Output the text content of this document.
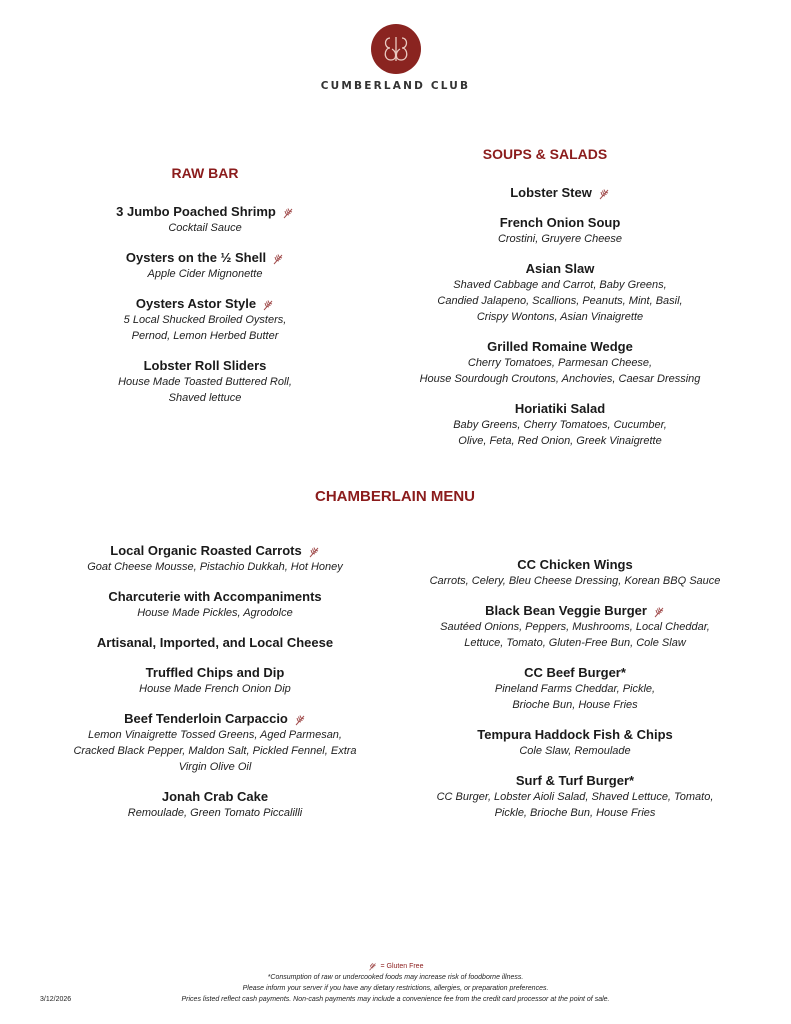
CUMBERLAND CLUB
RAW BAR
3 Jumbo Poached Shrimp
Cocktail Sauce
Oysters on the ½ Shell
Apple Cider Mignonette
Oysters Astor Style
5 Local Shucked Broiled Oysters,
Pernod, Lemon Herbed Butter
Lobster Roll Sliders
House Made Toasted Buttered Roll,
Shaved lettuce
SOUPS & SALADS
Lobster Stew
French Onion Soup
Crostini, Gruyere Cheese
Asian Slaw
Shaved Cabbage and Carrot, Baby Greens,
Candied Jalapeno, Scallions, Peanuts, Mint, Basil,
Crispy Wontons, Asian Vinaigrette
Grilled Romaine Wedge
Cherry Tomatoes, Parmesan Cheese,
House Sourdough Croutons, Anchovies, Caesar Dressing
Horiatiki Salad
Baby Greens, Cherry Tomatoes, Cucumber,
Olive, Feta, Red Onion, Greek Vinaigrette
CHAMBERLAIN MENU
Local Organic Roasted Carrots
Goat Cheese Mousse, Pistachio Dukkah, Hot Honey
Charcuterie with Accompaniments
House Made Pickles, Agrodolce
Artisanal, Imported, and Local Cheese
Truffled Chips and Dip
House Made French Onion Dip
Beef Tenderloin Carpaccio
Lemon Vinaigrette Tossed Greens, Aged Parmesan,
Cracked Black Pepper, Maldon Salt, Pickled Fennel, Extra
Virgin Olive Oil
Jonah Crab Cake
Remoulade, Green Tomato Piccalilli
CC Chicken Wings
Carrots, Celery, Bleu Cheese Dressing, Korean BBQ Sauce
Black Bean Veggie Burger
Sautéed Onions, Peppers, Mushrooms, Local Cheddar,
Lettuce, Tomato, Gluten-Free Bun, Cole Slaw
CC Beef Burger*
Pineland Farms Cheddar, Pickle,
Brioche Bun, House Fries
Tempura Haddock Fish & Chips
Cole Slaw, Remoulade
Surf & Turf Burger*
CC Burger, Lobster Aioli Salad, Shaved Lettuce, Tomato,
Pickle, Brioche Bun, House Fries
= Gluten Free
*Consumption of raw or undercooked foods may increase risk of foodborne illness.
Please inform your server if you have any dietary restrictions, allergies, or preparation preferences.
Prices listed reflect cash payments. Non-cash payments may include a convenience fee from the credit card processor at the point of sale.
3/12/2026
